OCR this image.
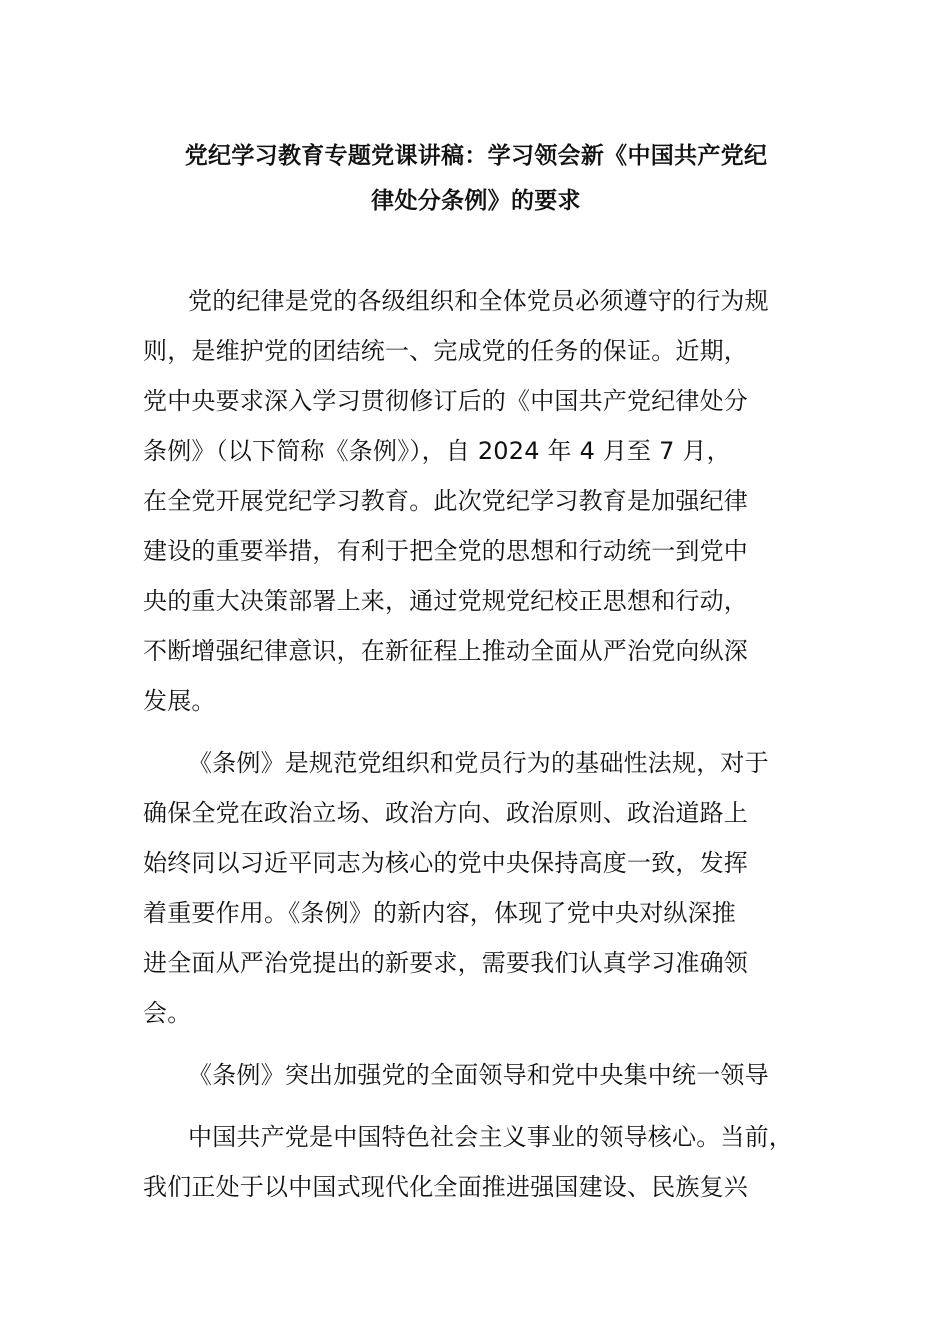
党纪学习教育专题党课讲稿：学习领会新《中国共产党纪
律处分条例》的要求

党的纪律是党的各级组织和全体党员必须遵守的行为规
则，是维护党的团结统一、完成党的任务的保证。近期，
党中央要求深入学习贯彻修订后的《中国共产党纪律处分
条例》（以下简称《条例》），自 2024 年 4 月至 7 月，
在全党开展党纪学习教育。此次党纪学习教育是加强纪律
建设的重要举措，有利于把全党的思想和行动统一到党中
央的重大决策部署上来，通过党规党纪校正思想和行动，
不断增强纪律意识，在新征程上推动全面从严治党向纵深
发展。

《条例》是规范党组织和党员行为的基础性法规，对于
确保全党在政治立场、政治方向、政治原则、政治道路上
始终同以习近平同志为核心的党中央保持高度一致，发挥
着重要作用。《条例》的新内容，体现了党中央对纵深推
进全面从严治党提出的新要求，需要我们认真学习准确领
会。

《条例》突出加强党的全面领导和党中央集中统一领导

中国共产党是中国特色社会主义事业的领导核心。当前，
我们正处于以中国式现代化全面推进强国建设、民族复兴
